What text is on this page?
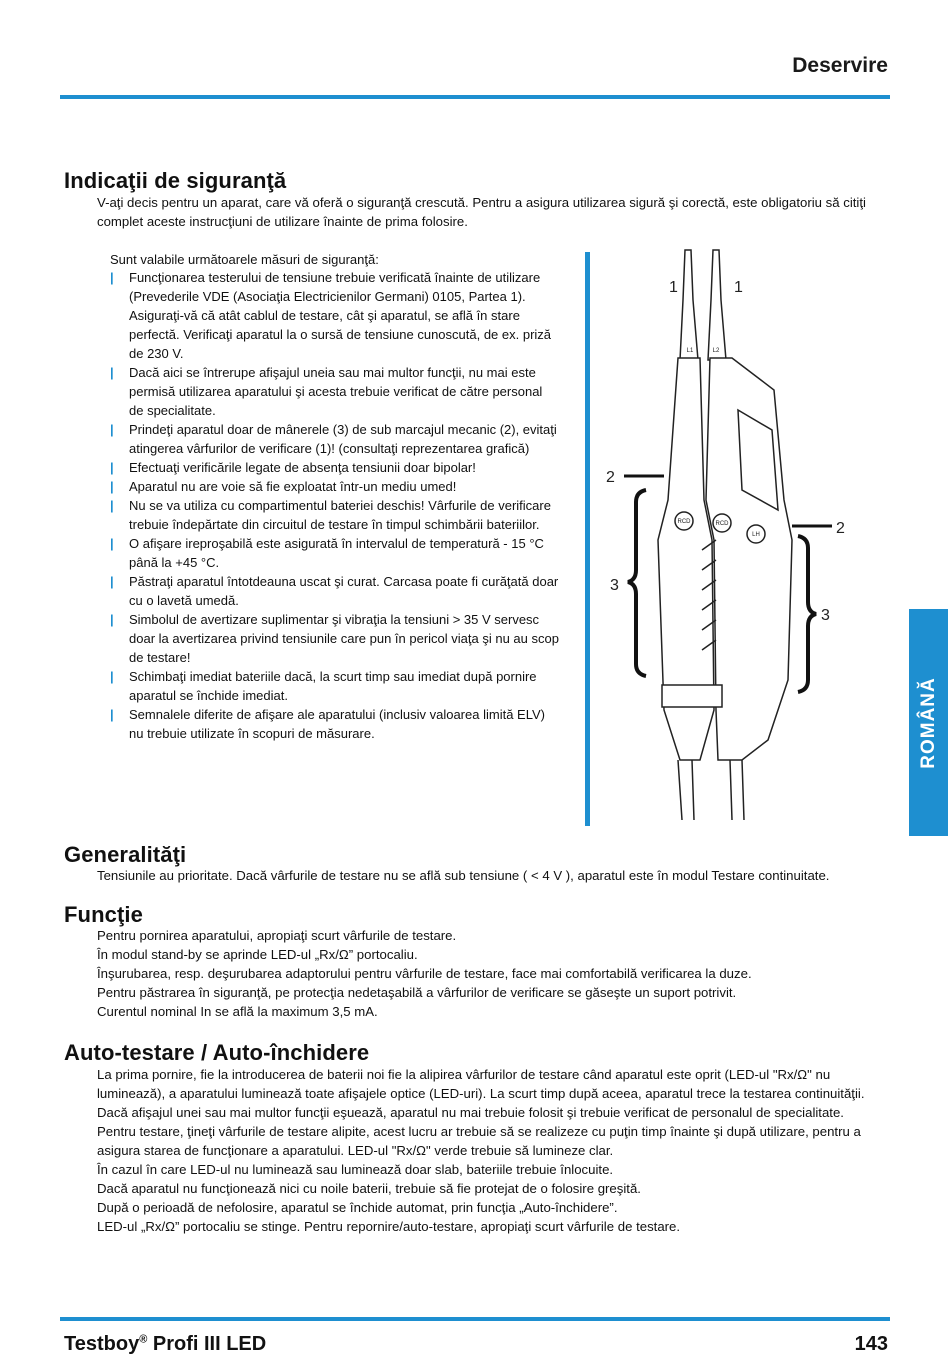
Deservire
Indicaţii de siguranţă
V-aţi decis pentru un aparat, care vă oferă o siguranţă crescută. Pentru a asigura utilizarea sigură şi corectă, este obligatoriu să citiţi complet aceste instrucţiuni de utilizare înainte de prima folosire.
Sunt valabile următoarele măsuri de siguranţă:
| Funcţionarea testerului de tensiune trebuie verificată înainte de utilizare (Prevederile VDE (Asociaţia Electricienilor Germani) 0105, Partea 1). Asiguraţi-vă că atât cablul de testare, cât şi aparatul, se află în stare perfectă. Verificaţi aparatul la o sursă de tensiune cunoscută, de ex. priză de 230 V.
| Dacă aici se întrerupe afişajul uneia sau mai multor funcţii, nu mai este permisă utilizarea aparatului şi acesta trebuie verificat de către personal de specialitate.
| Prindeţi aparatul doar de mânerele (3) de sub marcajul mecanic (2), evitaţi atingerea vârfurilor de verificare (1)! (consultaţi reprezentarea grafică)
| Efectuaţi verificările legate de absenţa tensiunii doar bipolar!
| Aparatul nu are voie să fie exploatat într-un mediu umed!
| Nu se va utiliza cu compartimentul bateriei deschis! Vârfurile de verificare trebuie îndepărtate din circuitul de testare în timpul schimbării bateriilor.
| O afişare ireproşabilă este asigurată în intervalul de temperatură - 15 °C până la +45 °C.
| Păstraţi aparatul întotdeauna uscat şi curat. Carcasa poate fi curăţată doar cu o lavetă umedă.
| Simbolul de avertizare suplimentar şi vibraţia la tensiuni > 35 V servesc doar la avertizarea privind tensiunile care pun în pericol viaţa şi nu au scop de testare!
| Schimbaţi imediat bateriile dacă, la scurt timp sau imediat după pornire aparatul se închide imediat.
| Semnalele diferite de afişare ale aparatului (inclusiv valoarea limită ELV) nu trebuie utilizate în scopuri de măsurare.
RCD	RCD
LH
L1	L2
1	1
2
2
3
3
Generalităţi
Tensiunile au prioritate. Dacă vârfurile de testare nu se află sub tensiune ( < 4 V ), aparatul este în modul Testare continuitate.
Funcţie

Pentru pornirea aparatului, apropiaţi scurt vârfurile de testare.

În modul stand-by se aprinde LED-ul „Rx/Ω” portocaliu.

Înşurubarea, resp. deşurubarea adaptorului pentru vârfurile de testare, face mai comfortabilă verificarea la duze.

Pentru păstrarea în siguranţă, pe protecţia nedetaşabilă a vârfurilor de verificare se găseşte un suport potrivit.

Curentul nominal In se află la maximum 3,5 mA.

Auto-testare / Auto-închidere

La prima pornire, fie la introducerea de baterii noi fie la alipirea vârfurilor de testare când aparatul este oprit (LED-ul "Rx/Ω" nu luminează), a aparatului luminează toate afişajele optice (LED-uri). La scurt timp după aceea, aparatul trece la testarea continuităţii.

Dacă afişajul unei sau mai multor funcţii eşuează, aparatul nu mai trebuie folosit şi trebuie verificat de personalul de specialitate.

Pentru testare, ţineţi vârfurile de testare alipite, acest lucru ar trebuie să se realizeze cu puţin timp înainte şi după utilizare, pentru a asigura starea de funcţionare a aparatului. LED-ul "Rx/Ω" verde trebuie să lumineze clar.

În cazul în care LED-ul nu luminează sau luminează doar slab, bateriile trebuie înlocuite.

Dacă aparatul nu funcţionează nici cu noile baterii, trebuie să fie protejat de o folosire greşită.

După o perioadă de nefolosire, aparatul se închide automat, prin funcţia „Auto-închidere”.

LED-ul „Rx/Ω” portocaliu se stinge. Pentru repornire/auto-testare, apropiaţi scurt vârfurile de testare.

ROMÂNĂ
Testboy® Profi III LED	143
